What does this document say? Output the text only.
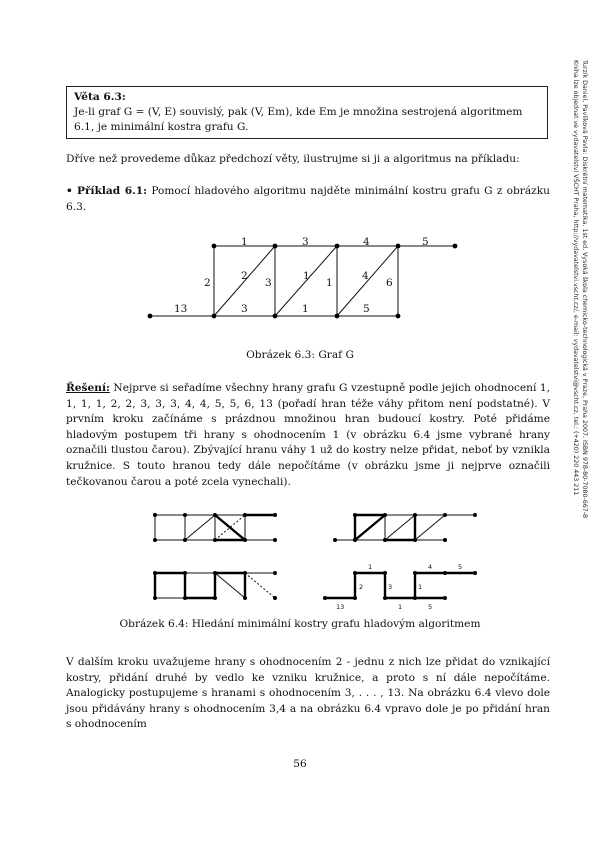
Věta 6.3:
Je-li graf G = (V, E) souvislý, pak (V, Em), kde Em je množina sestrojená algoritmem 6.1, je minimální kostra grafu G.

Dříve než provedeme důkaz předchozí věty, ilustrujme si ji a algoritmus na příkladu:

• Příklad 6.1: Pomocí hladového algoritmu najděte minimální kostru grafu G z obrázku 6.3.

1	3	4	5
2
2
3
1
1
4
6
13	3	1	5
Obrázek 6.3: Graf G

Řešení: Nejprve si seřadíme všechny hrany grafu G vzestupně podle jejich ohodnocení 1, 1, 1, 1, 2, 2, 3, 3, 3, 4, 4, 5, 5, 6, 13 (pořadí hran téže váhy přitom není podstatné). V prvním kroku začínáme s prázdnou množinou hran budoucí kostry. Poté přidáme hladovým postupem tři hrany s ohodnocením 1 (v obrázku 6.4 jsme vybrané hrany označili tlustou čarou). Zbývající hranu váhy 1 už do kostry nelze přidat, neboť by vznikla kružnice. S touto hranou tedy dále nepočítáme (v obrázku jsme ji nejprve označili tečkovanou čarou a poté zcela vynechali).

1	4	5
2	3	1
13	1	5
Obrázek 6.4: Hledání minimální kostry grafu hladovým algoritmem

V dalším kroku uvažujeme hrany s ohodnocením 2 - jednu z nich lze přidat do vznikající kostry, přidání druhé by vedlo ke vzniku kružnice, a proto s ní dále nepočítáme. Analogicky postupujeme s hranami s ohodnocením 3, . . . , 13. Na obrázku 6.4 vlevo dole jsou přidávány hrany s ohodnocením 3,4 a na obrázku 6.4 vpravo dole je po přidání hran s ohodnocením

56
Turzík Daniel, Pavlíková Pavla: Diskrétní matematika. 1st ed. Vysoká škola chemicko-technologická v Praze, Praha 2007. ISBN 978-80-7080-667-8
Kniha lze objednat ve vydavatelství VŠCHT Praha, http://vydavatelstvi.vscht.cz/, e-mail: vydavatelstvi@vscht.cz, tel.: (+420) 220 443 211
